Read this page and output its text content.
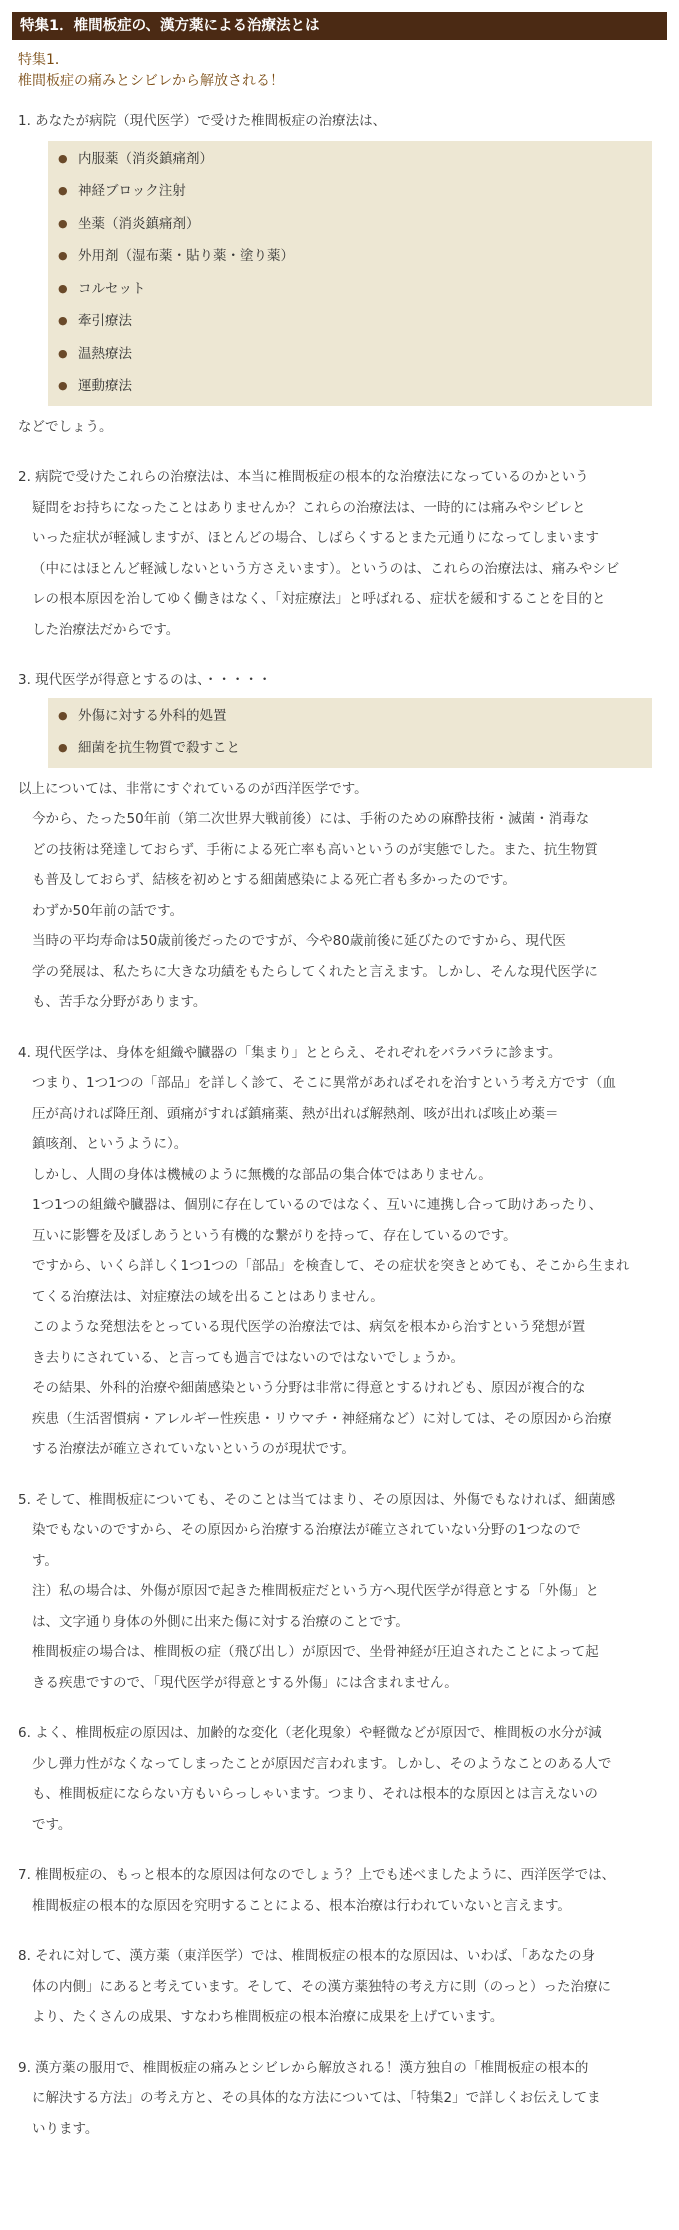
特集1．椎間板症の、漢方薬による治療法とは
特集1．
椎間板症の痛みとシビレから解放される！
1. あなたが病院（現代医学）で受けた椎間板症の治療法は、
● 内服薬（消炎鎮痛剤）
● 神経ブロック注射
● 坐薬（消炎鎮痛剤）
● 外用剤（湿布薬・貼り薬・塗り薬）
● コルセット
● 牽引療法
● 温熱療法
● 運動療法
などでしょう。
2. 病院で受けたこれらの治療法は、本当に椎間板症の根本的な治療法になっているのかという
疑問をお持ちになったことはありませんか？これらの治療法は、一時的には痛みやシビレと
いった症状が軽減しますが、ほとんどの場合、しばらくするとまた元通りになってしまいます
（中にはほとんど軽減しないという方さえいます）。というのは、これらの治療法は、痛みやシビ
レの根本原因を治してゆく働きはなく、「対症療法」と呼ばれる、症状を緩和することを目的と
した治療法だからです。
3. 現代医学が得意とするのは、・・・・・
● 外傷に対する外科的処置
● 細菌を抗生物質で殺すこと
以上については、非常にすぐれているのが西洋医学です。
今から、たった50年前（第二次世界大戦前後）には、手術のための麻酔技術・滅菌・消毒な
どの技術は発達しておらず、手術による死亡率も高いというのが実態でした。また、抗生物質
も普及しておらず、結核を初めとする細菌感染による死亡者も多かったのです。
わずか50年前の話です。
当時の平均寿命は50歳前後だったのですが、今や80歳前後に延びたのですから、現代医
学の発展は、私たちに大きな功績をもたらしてくれたと言えます。しかし、そんな現代医学に
も、苦手な分野があります。
4. 現代医学は、身体を組織や臓器の「集まり」ととらえ、それぞれをバラバラに診ます。
つまり、1つ1つの「部品」を詳しく診て、そこに異常があればそれを治すという考え方です（血
圧が高ければ降圧剤、頭痛がすれば鎮痛薬、熱が出れば解熱剤、咳が出れば咳止め薬＝
鎮咳剤、というように）。
しかし、人間の身体は機械のように無機的な部品の集合体ではありません。
1つ1つの組織や臓器は、個別に存在しているのではなく、互いに連携し合って助けあったり、
互いに影響を及ぼしあうという有機的な繋がりを持って、存在しているのです。
ですから、いくら詳しく1つ1つの「部品」を検査して、その症状を突きとめても、そこから生まれ
てくる治療法は、対症療法の域を出ることはありません。
このような発想法をとっている現代医学の治療法では、病気を根本から治すという発想が置
き去りにされている、と言っても過言ではないのではないでしょうか。
その結果、外科的治療や細菌感染という分野は非常に得意とするけれども、原因が複合的な
疾患（生活習慣病・アレルギー性疾患・リウマチ・神経痛など）に対しては、その原因から治療
する治療法が確立されていないというのが現状です。
5. そして、椎間板症についても、そのことは当てはまり、その原因は、外傷でもなければ、細菌感
染でもないのですから、その原因から治療する治療法が確立されていない分野の1つなので
す。
注）私の場合は、外傷が原因で起きた椎間板症だという方へ現代医学が得意とする「外傷」と
は、文字通り身体の外側に出来た傷に対する治療のことです。
椎間板症の場合は、椎間板の症（飛び出し）が原因で、坐骨神経が圧迫されたことによって起
きる疾患ですので、「現代医学が得意とする外傷」には含まれません。
6. よく、椎間板症の原因は、加齢的な変化（老化現象）や軽微などが原因で、椎間板の水分が減
少し弾力性がなくなってしまったことが原因だ言われます。しかし、そのようなことのある人で
も、椎間板症にならない方もいらっしゃいます。つまり、それは根本的な原因とは言えないの
です。
7. 椎間板症の、もっと根本的な原因は何なのでしょう？上でも述べましたように、西洋医学では、
椎間板症の根本的な原因を究明することによる、根本治療は行われていないと言えます。
8. それに対して、漢方薬（東洋医学）では、椎間板症の根本的な原因は、いわば、「あなたの身
体の内側」にあると考えています。そして、その漢方薬独特の考え方に則（のっと）った治療に
より、たくさんの成果、すなわち椎間板症の根本治療に成果を上げています。
9. 漢方薬の服用で、椎間板症の痛みとシビレから解放される！漢方独自の「椎間板症の根本的
に解決する方法」の考え方と、その具体的な方法については、「特集2」で詳しくお伝えしてま
いります。
